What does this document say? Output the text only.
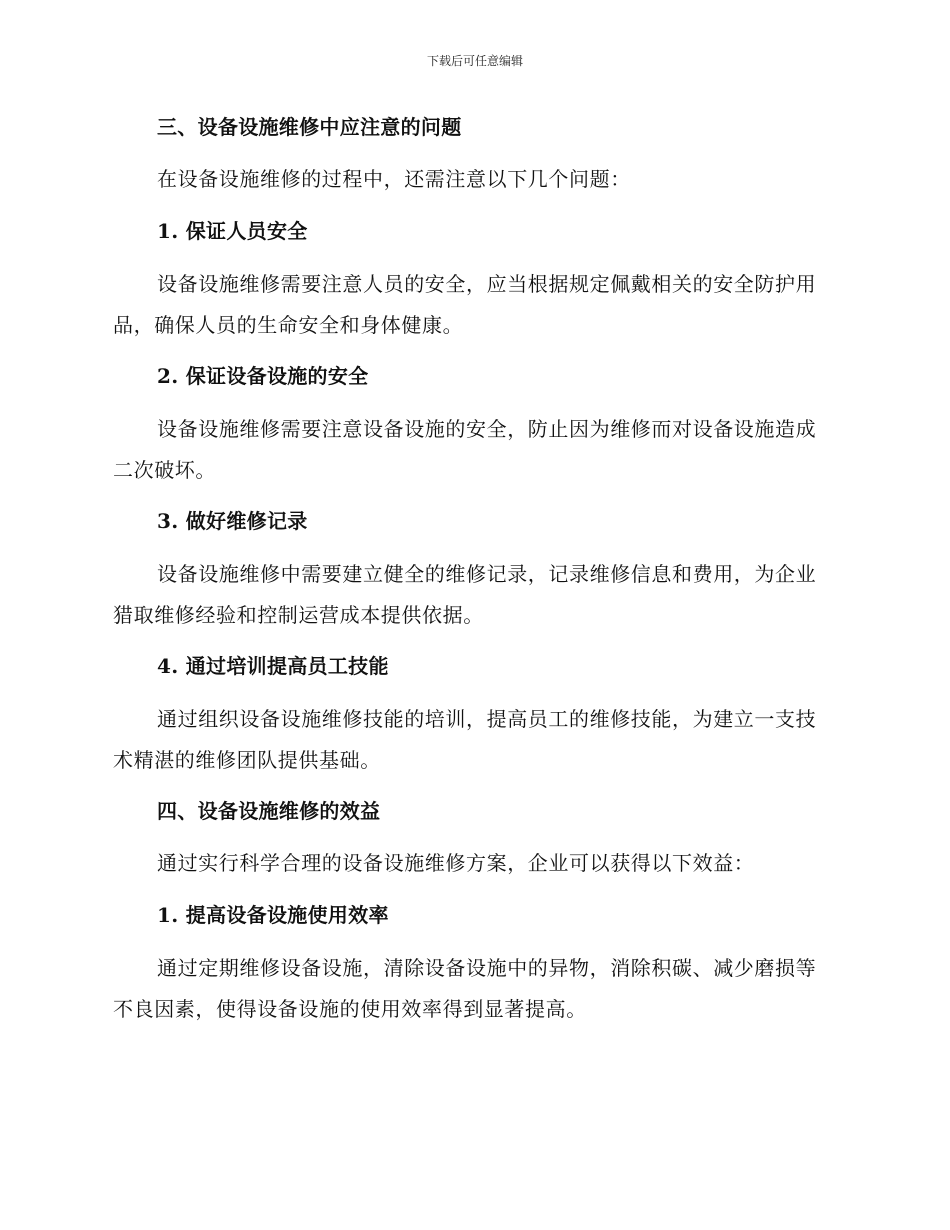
下载后可任意编辑
三、设备设施维修中应注意的问题

在设备设施维修的过程中，还需注意以下几个问题：

1. 保证人员安全

设备设施维修需要注意人员的安全，应当根据规定佩戴相关的安全防护用品，确保人员的生命安全和身体健康。

2. 保证设备设施的安全

设备设施维修需要注意设备设施的安全，防止因为维修而对设备设施造成二次破坏。

3. 做好维修记录

设备设施维修中需要建立健全的维修记录，记录维修信息和费用，为企业猎取维修经验和控制运营成本提供依据。

4. 通过培训提高员工技能

通过组织设备设施维修技能的培训，提高员工的维修技能，为建立一支技术精湛的维修团队提供基础。

四、设备设施维修的效益

通过实行科学合理的设备设施维修方案，企业可以获得以下效益：

1. 提高设备设施使用效率

通过定期维修设备设施，清除设备设施中的异物，消除积碳、减少磨损等不良因素，使得设备设施的使用效率得到显著提高。
